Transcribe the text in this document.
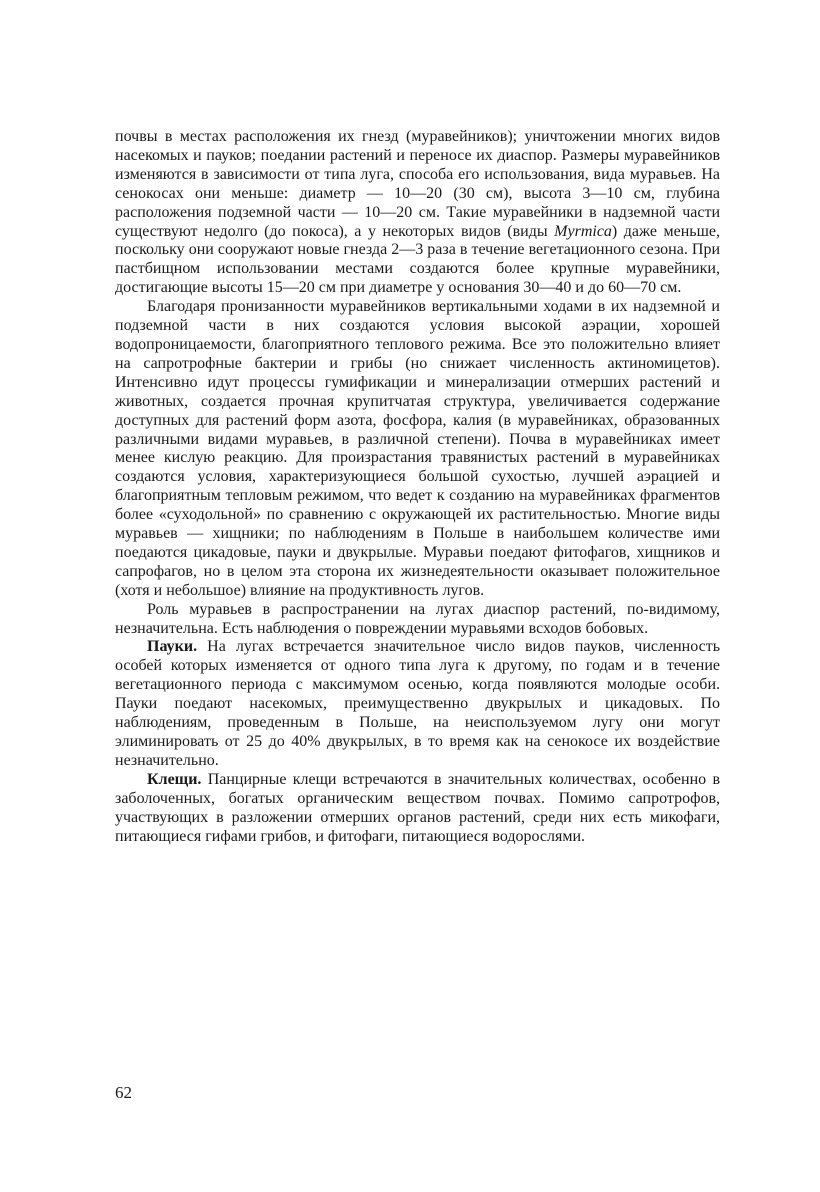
почвы в местах расположения их гнезд (муравейников); уничтожении многих видов насекомых и пауков; поедании растений и переносе их диаспор. Размеры муравейников изменяются в зависимости от типа луга, способа его использования, вида муравьев. На сенокосах они меньше: диаметр — 10—20 (30 см), высота 3—10 см, глубина расположения подземной части — 10—20 см. Такие муравейники в надземной части существуют недолго (до покоса), а у некоторых видов (виды Myrmica) даже меньше, поскольку они сооружают новые гнезда 2—3 раза в течение вегетационного сезона. При пастбищном использовании местами создаются более крупные муравейники, достигающие высоты 15—20 см при диаметре у основания 30—40 и до 60—70 см.

Благодаря пронизанности муравейников вертикальными ходами в их надземной и подземной части в них создаются условия высокой аэрации, хорошей водопроницаемости, благоприятного теплового режима. Все это положительно влияет на сапротрофные бактерии и грибы (но снижает численность актиномицетов). Интенсивно идут процессы гумификации и минерализации отмерших растений и животных, создается прочная крупитчатая структура, увеличивается содержание доступных для растений форм азота, фосфора, калия (в муравейниках, образованных различными видами муравьев, в различной степени). Почва в муравейниках имеет менее кислую реакцию. Для произрастания травянистых растений в муравейниках создаются условия, характеризующиеся большой сухостью, лучшей аэрацией и благоприятным тепловым режимом, что ведет к созданию на муравейниках фрагментов более «суходольной» по сравнению с окружающей их растительностью. Многие виды муравьев — хищники; по наблюдениям в Польше в наибольшем количестве ими поедаются цикадовые, пауки и двукрылые. Муравьи поедают фитофагов, хищников и сапрофагов, но в целом эта сторона их жизнедеятельности оказывает положительное (хотя и небольшое) влияние на продуктивность лугов.

Роль муравьев в распространении на лугах диаспор растений, по-видимому, незначительна. Есть наблюдения о повреждении муравьями всходов бобовых.

Пауки. На лугах встречается значительное число видов пауков, численность особей которых изменяется от одного типа луга к другому, по годам и в течение вегетационного периода с максимумом осенью, когда появляются молодые особи. Пауки поедают насекомых, преимущественно двукрылых и цикадовых. По наблюдениям, проведенным в Польше, на неиспользуемом лугу они могут элиминировать от 25 до 40% двукрылых, в то время как на сенокосе их воздействие незначительно.

Клещи. Панцирные клещи встречаются в значительных количествах, особенно в заболоченных, богатых органическим веществом почвах. Помимо сапротрофов, участвующих в разложении отмерших органов растений, среди них есть микофаги, питающиеся гифами грибов, и фитофаги, питающиеся водорослями.

62
